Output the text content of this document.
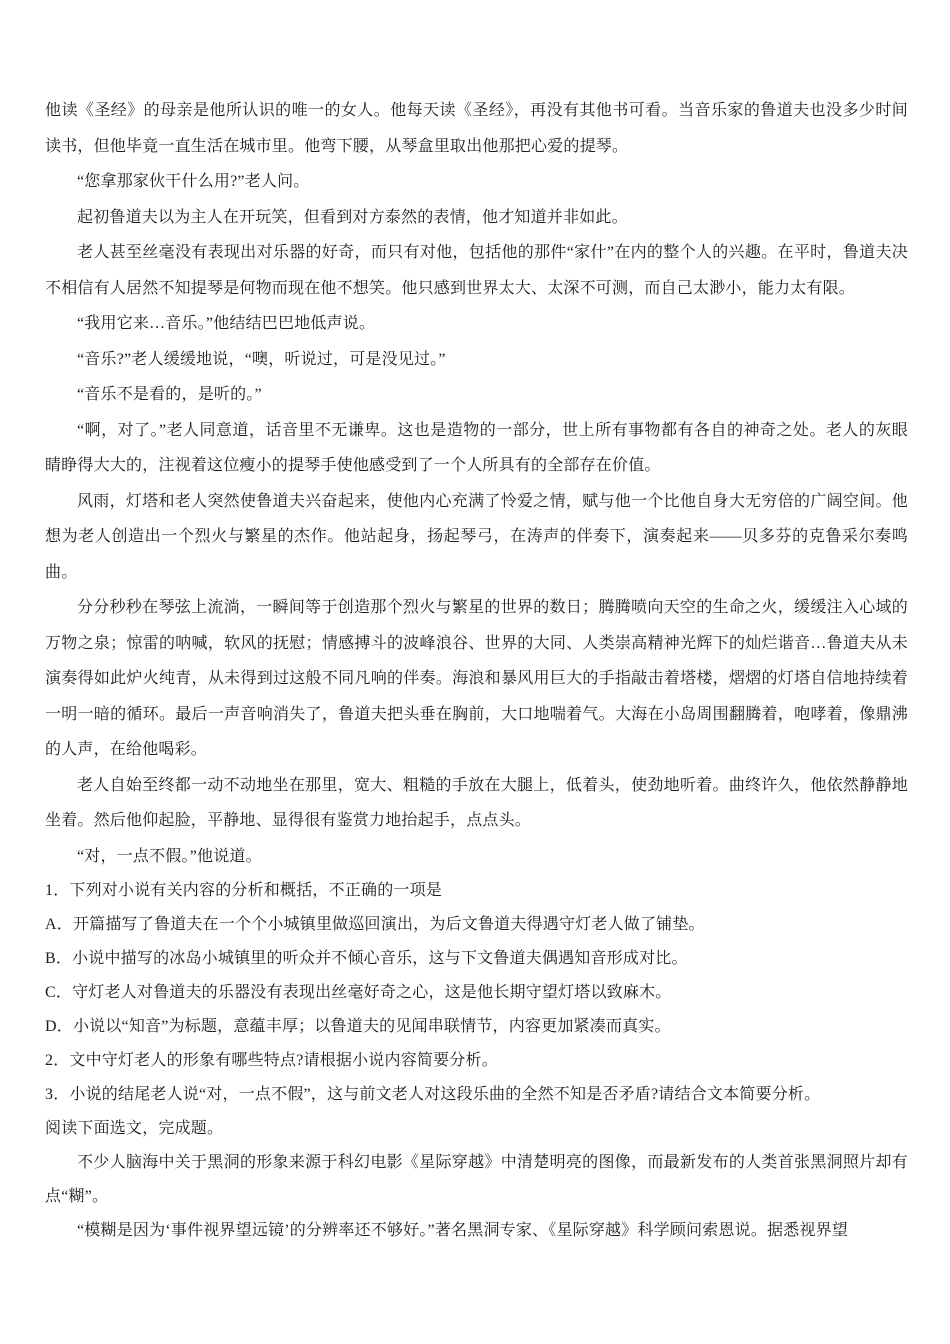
他读《圣经》的母亲是他所认识的唯一的女人。他每天读《圣经》，再没有其他书可看。当音乐家的鲁道夫也没多少时间读书，但他毕竟一直生活在城市里。他弯下腰，从琴盒里取出他那把心爱的提琴。

“您拿那家伙干什么用?”老人问。

起初鲁道夫以为主人在开玩笑，但看到对方泰然的表情，他才知道并非如此。

老人甚至丝毫没有表现出对乐器的好奇，而只有对他，包括他的那件“家什”在内的整个人的兴趣。在平时，鲁道夫决不相信有人居然不知提琴是何物而现在他不想笑。他只感到世界太大、太深不可测，而自己太渺小，能力太有限。

“我用它来…音乐。”他结结巴巴地低声说。

“音乐?”老人缓缓地说，“噢，听说过，可是没见过。”

“音乐不是看的，是听的。”

“啊，对了。”老人同意道，话音里不无谦卑。这也是造物的一部分，世上所有事物都有各自的神奇之处。老人的灰眼睛睁得大大的，注视着这位瘦小的提琴手使他感受到了一个人所具有的全部存在价值。

风雨，灯塔和老人突然使鲁道夫兴奋起来，使他内心充满了怜爱之情，赋与他一个比他自身大无穷倍的广阔空间。他想为老人创造出一个烈火与繁星的杰作。他站起身，扬起琴弓，在涛声的伴奏下，演奏起来——贝多芬的克鲁采尔奏鸣曲。

分分秒秒在琴弦上流淌，一瞬间等于创造那个烈火与繁星的世界的数日；腾腾喷向天空的生命之火，缓缓注入心域的万物之泉；惊雷的呐喊，软风的抚慰；情感搏斗的波峰浪谷、世界的大同、人类崇高精神光辉下的灿烂谐音…鲁道夫从未演奏得如此炉火纯青，从未得到过这般不同凡响的伴奏。海浪和暴风用巨大的手指敲击着塔楼，熠熠的灯塔自信地持续着一明一暗的循环。最后一声音响消失了，鲁道夫把头垂在胸前，大口地喘着气。大海在小岛周围翻腾着，咆哮着，像鼎沸的人声，在给他喝彩。

老人自始至终都一动不动地坐在那里，宽大、粗糙的手放在大腿上，低着头，使劲地听着。曲终许久，他依然静静地坐着。然后他仰起脸，平静地、显得很有鉴赏力地抬起手，点点头。

“对，一点不假。”他说道。

1．下列对小说有关内容的分析和概括，不正确的一项是

A．开篇描写了鲁道夫在一个个小城镇里做巡回演出，为后文鲁道夫得遇守灯老人做了铺垫。

B．小说中描写的冰岛小城镇里的听众并不倾心音乐，这与下文鲁道夫偶遇知音形成对比。

C．守灯老人对鲁道夫的乐器没有表现出丝毫好奇之心，这是他长期守望灯塔以致麻木。

D．小说以“知音”为标题，意蕴丰厚；以鲁道夫的见闻串联情节，内容更加紧凑而真实。

2．文中守灯老人的形象有哪些特点?请根据小说内容简要分析。

3．小说的结尾老人说“对，一点不假”，这与前文老人对这段乐曲的全然不知是否矛盾?请结合文本简要分析。

阅读下面选文，完成题。

不少人脑海中关于黑洞的形象来源于科幻电影《星际穿越》中清楚明亮的图像，而最新发布的人类首张黑洞照片却有点“糊”。

“模糊是因为‘事件视界望远镜’的分辨率还不够好。”著名黑洞专家、《星际穿越》科学顾问索恩说。据悉视界望
